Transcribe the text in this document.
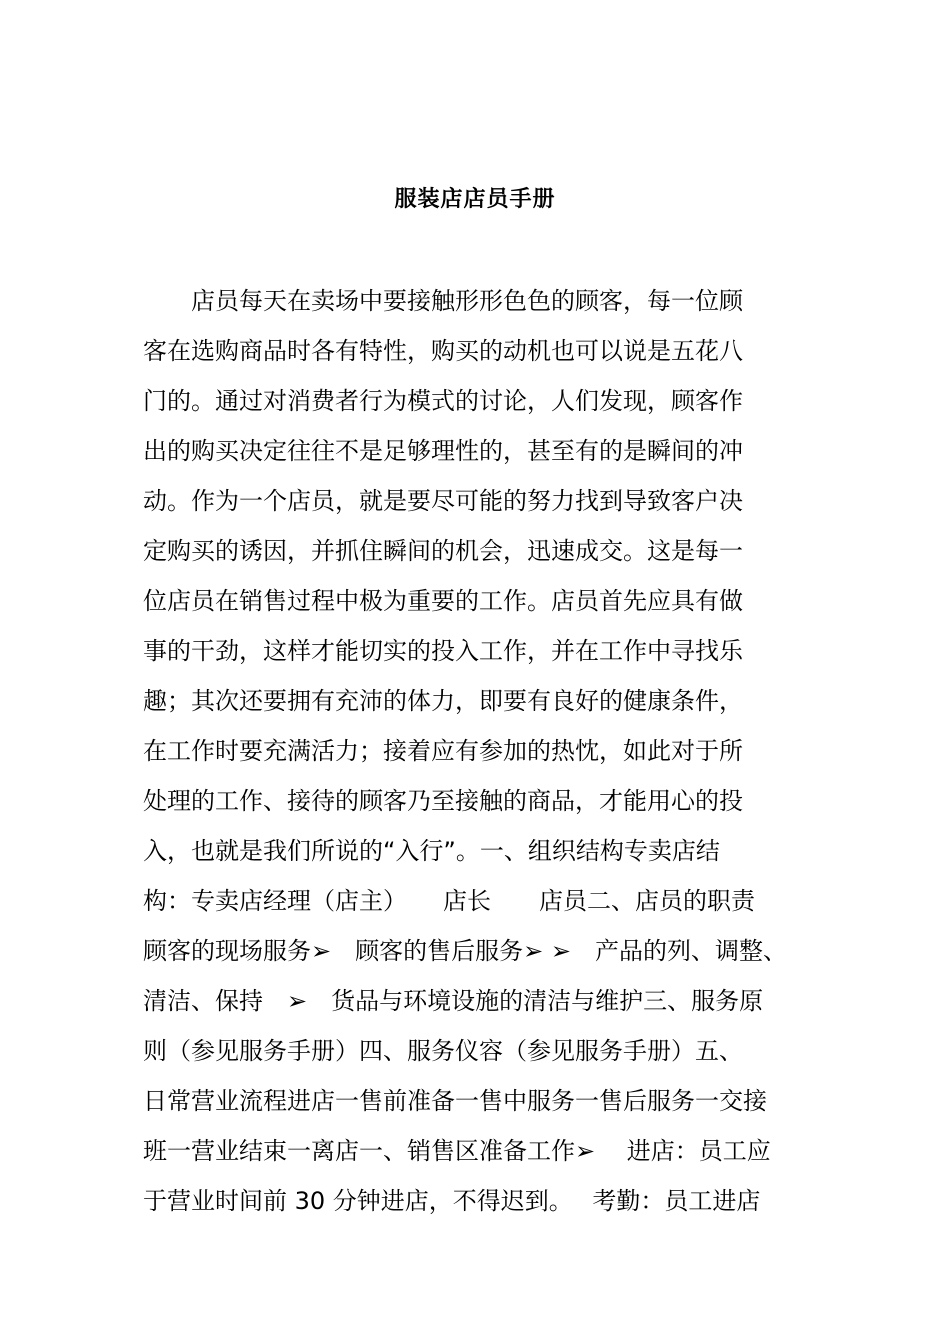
服装店店员手册
　　店员每天在卖场中要接触形形色色的顾客，每一位顾
客在选购商品时各有特性，购买的动机也可以说是五花八
门的。通过对消费者行为模式的讨论，人们发现，顾客作
出的购买决定往往不是足够理性的，甚至有的是瞬间的冲
动。作为一个店员，就是要尽可能的努力找到导致客户决
定购买的诱因，并抓住瞬间的机会，迅速成交。这是每一
位店员在销售过程中极为重要的工作。店员首先应具有做
事的干劲，这样才能切实的投入工作，并在工作中寻找乐
趣；其次还要拥有充沛的体力，即要有良好的健康条件，
在工作时要充满活力；接着应有参加的热忱，如此对于所
处理的工作、接待的顾客乃至接触的商品，才能用心的投
入，也就是我们所说的“入行”。一、组织结构专卖店结
构：专卖店经理（店主）　　店长　　店员二、店员的职责
顾客的现场服务➢　顾客的售后服务➢ ➢　产品的列、调整、
清洁、保持　➢　货品与环境设施的清洁与维护三、服务原
则（参见服务手册）四、服务仪容（参见服务手册）五、
日常营业流程进店一售前准备一售中服务一售后服务一交接
班一营业结束一离店一、销售区准备工作➢　 进店：员工应
于营业时间前 30 分钟进店，不得迟到。　 考勤：员工进店
